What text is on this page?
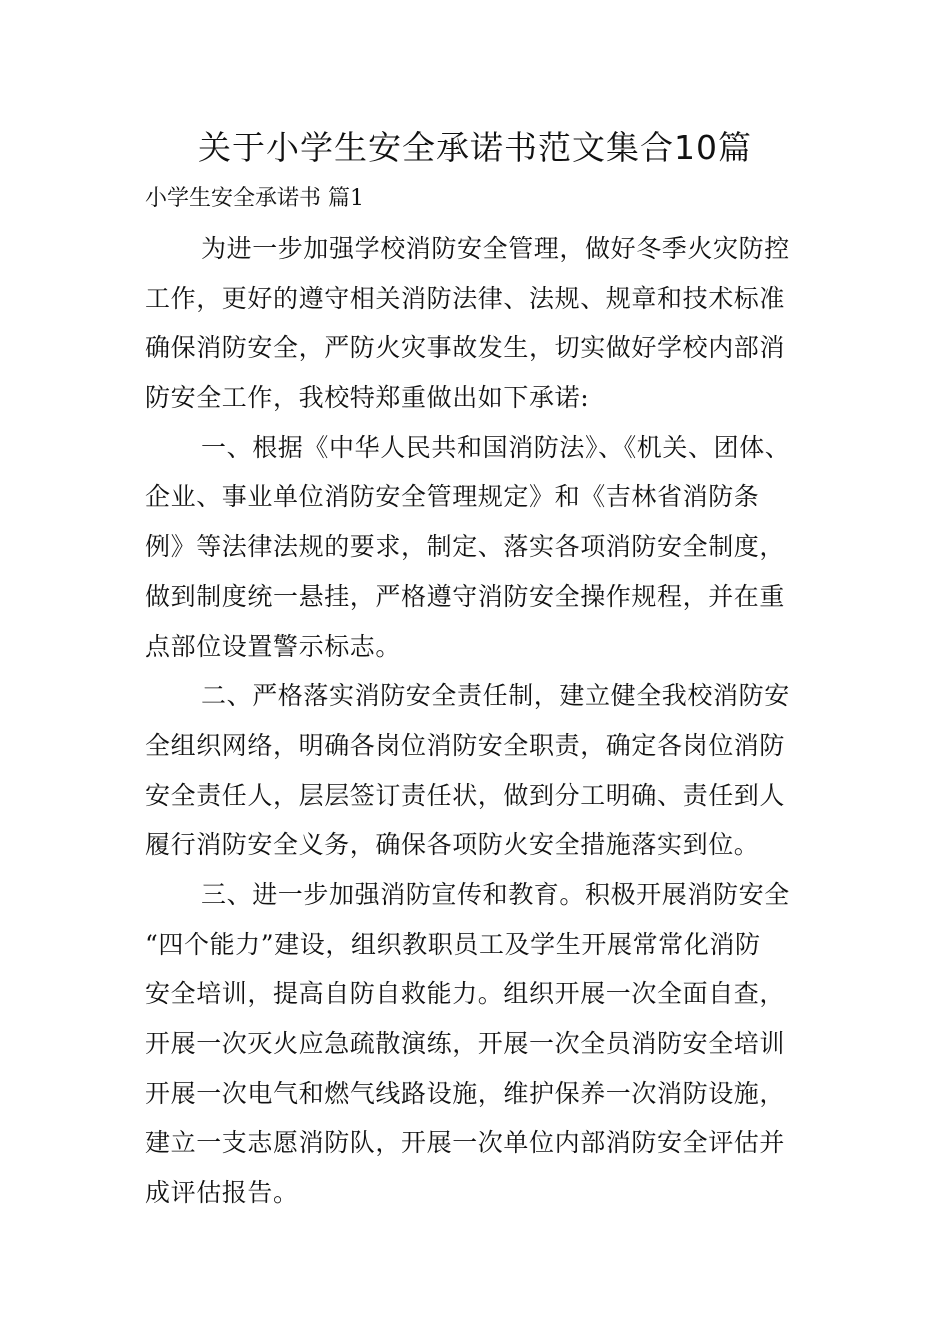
关于小学生安全承诺书范文集合10篇
小学生安全承诺书 篇1
为进一步加强学校消防安全管理，做好冬季火灾防控
工作，更好的遵守相关消防法律、法规、规章和技术标准
确保消防安全，严防火灾事故发生，切实做好学校内部消
防安全工作，我校特郑重做出如下承诺:
一、根据《中华人民共和国消防法》、《机关、团体、
企业、事业单位消防安全管理规定》和《吉林省消防条
例》等法律法规的要求，制定、落实各项消防安全制度，
做到制度统一悬挂，严格遵守消防安全操作规程，并在重
点部位设置警示标志。
二、严格落实消防安全责任制，建立健全我校消防安
全组织网络，明确各岗位消防安全职责，确定各岗位消防
安全责任人，层层签订责任状，做到分工明确、责任到人
履行消防安全义务，确保各项防火安全措施落实到位。
三、进一步加强消防宣传和教育。积极开展消防安全
“四个能力”建设，组织教职员工及学生开展常常化消防
安全培训，提高自防自救能力。组织开展一次全面自查，
开展一次灭火应急疏散演练，开展一次全员消防安全培训
开展一次电气和燃气线路设施，维护保养一次消防设施，
建立一支志愿消防队，开展一次单位内部消防安全评估并
成评估报告。
